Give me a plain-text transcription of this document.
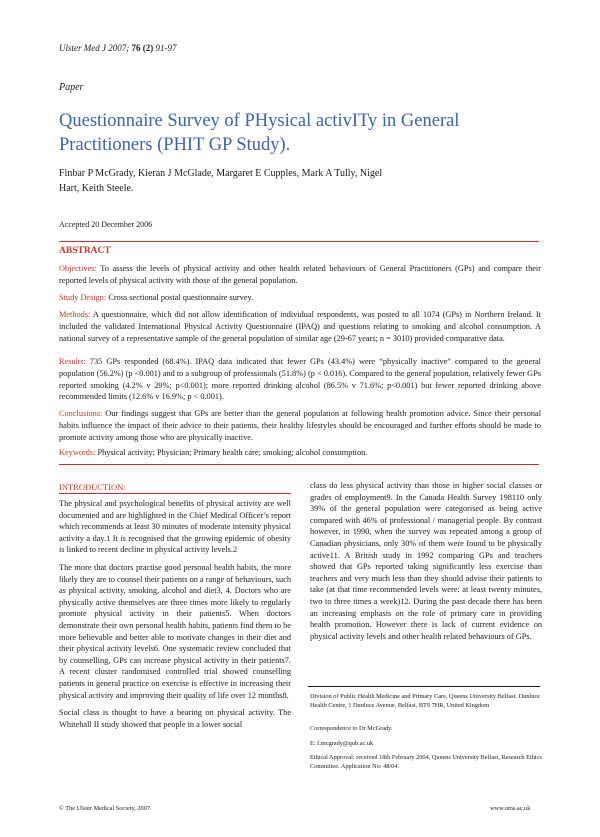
Ulster Med J 2007; 76 (2) 91-97
Paper
Questionnaire Survey of PHysical activITy in General Practitioners (PHIT GP Study).
Finbar P McGrady, Kieran J McGlade, Margaret E Cupples, Mark A Tully, Nigel Hart, Keith Steele.
Accepted 20 December 2006
ABSTRACT
Objectives: To assess the levels of physical activity and other health related behaviours of General Practitioners (GPs) and compare their reported levels of physical activity with those of the general population.
Study Design: Cross sectional postal questionnaire survey.
Methods: A questionnaire, which did not allow identification of individual respondents, was posted to all 1074 (GPs) in Northern Ireland. It included the validated International Physical Activity Questionnaire (IPAQ) and questions relating to smoking and alcohol consumption. A national survey of a representative sample of the general population of similar age (29-67 years; n = 3010) provided comparative data.
Results: 735 GPs responded (68.4%). IPAQ data indicated that fewer GPs (43.4%) were “physically inactive” compared to the general population (56.2%) (p <0.001) and to a subgroup of professionals (51.8%) (p < 0.016). Compared to the general population, relatively fewer GPs reported smoking (4.2% v 29%; p<0.001); more reported drinking alcohol (86.5% v 71.6%; p<0.001) but fewer reported drinking above recommended limits (12.6% v 16.9%; p < 0.001).
Conclusions: Our findings suggest that GPs are better than the general population at following health promotion advice. Since their personal habits influence the impact of their advice to their patients, their healthy lifestyles should be encouraged and further efforts should be made to promote activity among those who are physically inactive.
Keywords: Physical activity; Physician; Primary health care; smoking; alcohol consumption.
INTRODUCTION:

The physical and psychological benefits of physical activity are well documented and are highlighted in the Chief Medical Officer’s report which recommends at least 30 minutes of moderate intensity physical activity a day.1 It is recognised that the growing epidemic of obesity is linked to recent decline in physical activity levels.2

The more that doctors practise good personal health habits, the more likely they are to counsel their patients on a range of behaviours, such as physical activity, smoking, alcohol and diet3, 4. Doctors who are physically active themselves are three times more likely to regularly promote physical activity in their patients5. When doctors demonstrate their own personal health habits, patients find them to be more believable and better able to motivate changes in their diet and their physical activity levels6. One systematic review concluded that by counselling, GPs can increase physical activity in their patients7. A recent cluster randomised controlled trial showed counselling patients in general practice on exercise is effective in increasing their physical activity and improving their quality of life over 12 months8.

Social class is thought to have a bearing on physical activity. The Whitehall II study showed that people in a lower social

class do less physical activity than those in higher social classes or grades of employment9. In the Canada Health Survey 198110 only 39% of the general population were categorised as being active compared with 46% of professional / managerial people. By contrast however, in 1990, when the survey was repeated among a group of Canadian physicians, only 30% of them were found to be physically active11. A British study in 1992 comparing GPs and teachers showed that GPs reported taking significantly less exercise than teachers and very much less than they should advise their patients to take (at that time recommended levels were: at least twenty minutes, two to three times a week)12. During the past decade there has been an increasing emphasis on the role of primary care in providing health promotion. However there is lack of current evidence on physical activity levels and other health related behaviours of GPs.

Division of Public Health Medicine and Primary Care, Queens University Belfast. Dunluce Health Centre, 1 Dunluce Avenue, Belfast, BT9 7HR, United Kingdom
Correspondence to Dr McGrady.
E: f.mcgrady@qub.ac.uk
Ethical Approval: received 18th February 2004, Queens University Belfast, Research Ethics Committee. Application No: 48/04.
© The Ulster Medical Society, 2007.	www.ums.ac.uk
